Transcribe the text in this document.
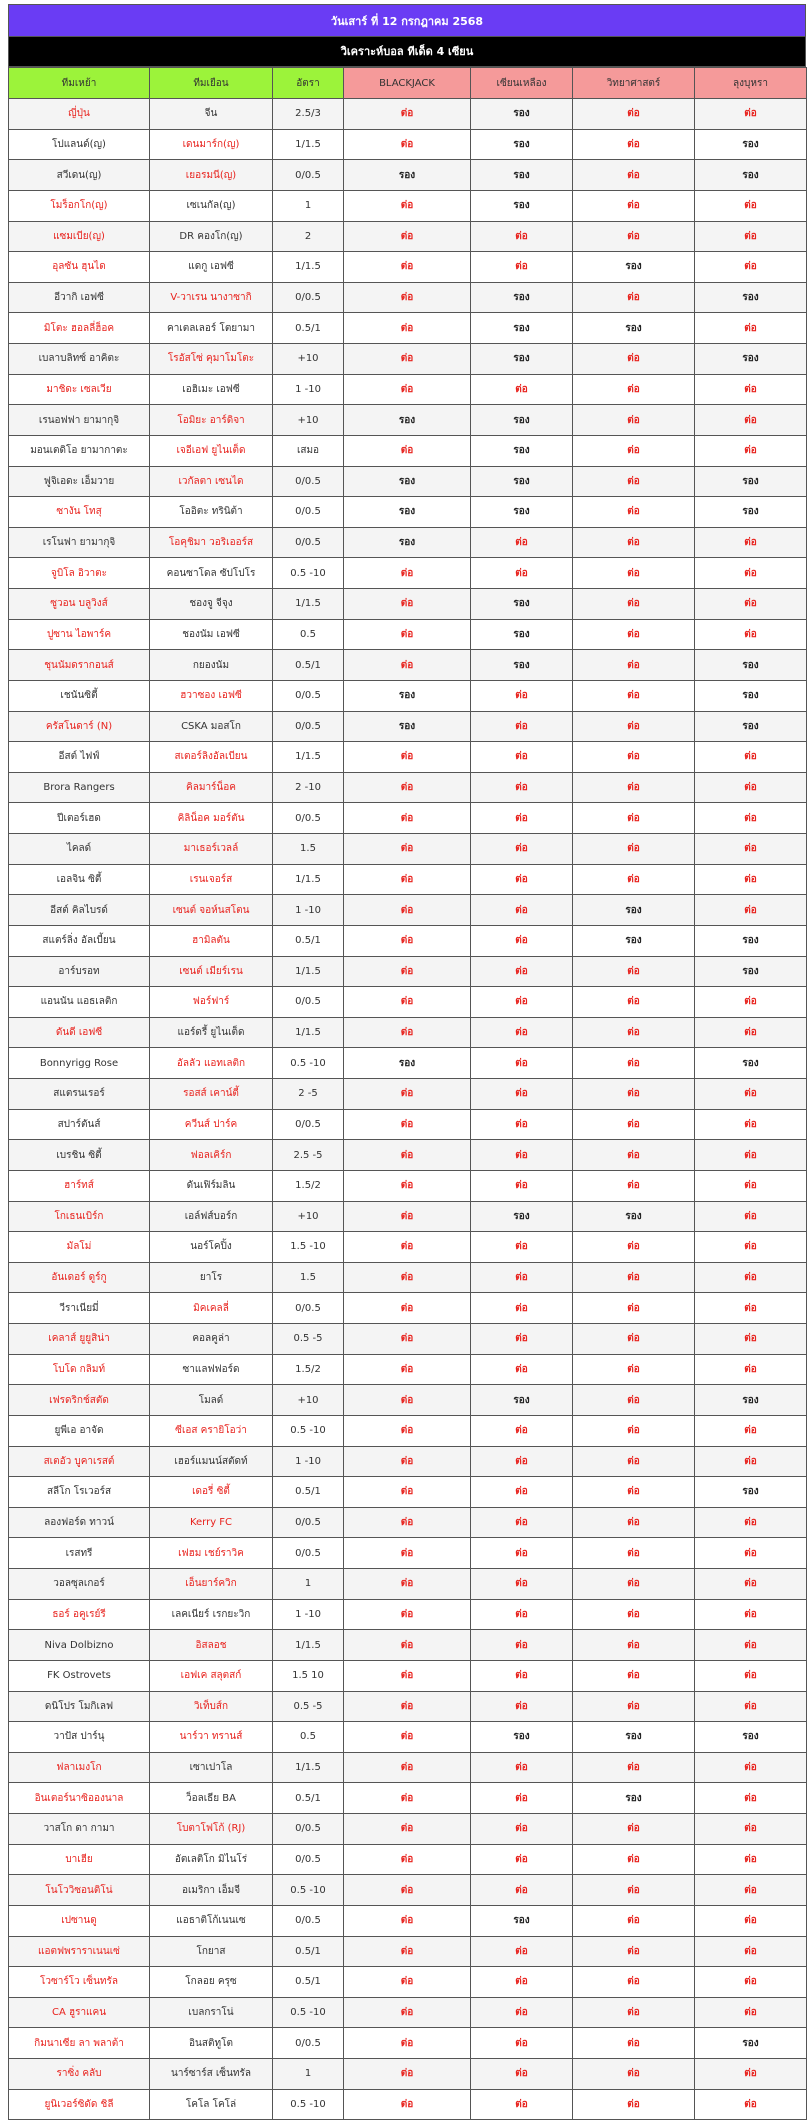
วันเสาร์ ที่ 12 กรกฎาคม 2568
วิเคราะห์บอล ทีเด็ด 4 เซียน
ทีมเหย้า	ทีมเยือน	อัตรา	BLACKJACK	เซียนเหลือง	วิทยาศาสตร์	ลุงบุหรา
ญี่ปุ่น	จีน	2.5/3	ต่อ	รอง	ต่อ	ต่อ
โปแลนด์(ญ)	เดนมาร์ก(ญ)	1/1.5	ต่อ	รอง	ต่อ	รอง
สวีเดน(ญ)	เยอรมนี(ญ)	0/0.5	รอง	รอง	ต่อ	รอง
โมร็อกโก(ญ)	เซเนกัล(ญ)	1	ต่อ	รอง	ต่อ	ต่อ
แซมเบีย(ญ)	DR คองโก(ญ)	2	ต่อ	ต่อ	ต่อ	ต่อ
อุลซัน ฮุนได	แดกู เอฟซี	1/1.5	ต่อ	ต่อ	รอง	ต่อ
อีวากิ เอฟซี	V-วาเรน นางาซากิ	0/0.5	ต่อ	รอง	ต่อ	รอง
มิโตะ ฮอลลี่ฮ็อค	คาเตลเลอร์ โตยามา	0.5/1	ต่อ	รอง	รอง	ต่อ
เบลาบลิทซ์ อาคิตะ	โรอัสโซ่ คุมาโมโตะ	+10	ต่อ	รอง	ต่อ	รอง
มาชิดะ เซลเวีย	เอฮิเมะ เอฟซี	1 -10	ต่อ	ต่อ	ต่อ	ต่อ
เรนอฟฟา ยามากุจิ	โอมิยะ อาร์ดิจา	+10	รอง	รอง	ต่อ	ต่อ
มอนเตดิโอ ยามากาตะ	เจอีเอฟ ยูไนเต็ด	เสมอ	ต่อ	รอง	ต่อ	ต่อ
ฟูจิเอดะ เอ็มวาย	เวกัลตา เซนได	0/0.5	รอง	รอง	ต่อ	รอง
ซางัน โทสุ	โออิตะ ทรินิต้า	0/0.5	รอง	รอง	ต่อ	รอง
เรโนฟา ยามากุจิ	โอคุชิมา วอริเออร์ส	0/0.5	รอง	ต่อ	ต่อ	ต่อ
จูบิโล อิวาตะ	คอนซาโดล ซัปโปโร	0.5 -10	ต่อ	ต่อ	ต่อ	ต่อ
ซูวอน บลูวิงส์	ชองจู จีจุง	1/1.5	ต่อ	รอง	ต่อ	ต่อ
ปูซาน ไอพาร์ค	ชองนัม เอฟซี	0.5	ต่อ	รอง	ต่อ	ต่อ
ชุนนัมดรากอนส์	กยองนัม	0.5/1	ต่อ	รอง	ต่อ	รอง
เชนันซิตี้	ฮวาซอง เอฟซี	0/0.5	รอง	ต่อ	ต่อ	รอง
ครัสโนดาร์ (N)	CSKA มอสโก	0/0.5	รอง	ต่อ	ต่อ	รอง
อีสต์ ไฟฟ์	สเตอร์ลิงอัลเบียน	1/1.5	ต่อ	ต่อ	ต่อ	ต่อ
Brora Rangers	คิลมาร์น็อค	2 -10	ต่อ	ต่อ	ต่อ	ต่อ
ปีเตอร์เฮด	คิลิน็อค มอร์ตัน	0/0.5	ต่อ	ต่อ	ต่อ	ต่อ
ไคลด์	มาเธอร์เวลล์	1.5	ต่อ	ต่อ	ต่อ	ต่อ
เอลจิน ซิตี้	เรนเจอร์ส	1/1.5	ต่อ	ต่อ	ต่อ	ต่อ
อีสต์ คิลไบรด์	เซนต์ จอห์นสโตน	1 -10	ต่อ	ต่อ	รอง	ต่อ
สแตร์ลิ่ง อัลเบี้ยน	ฮามิลตัน	0.5/1	ต่อ	ต่อ	รอง	รอง
อาร์บรอท	เซนต์ เมียร์เรน	1/1.5	ต่อ	ต่อ	ต่อ	รอง
แอนนัน แอธเลติก	ฟอร์ฟาร์	0/0.5	ต่อ	ต่อ	ต่อ	ต่อ
ดันดี เอฟซี	แอร์ดรี้ ยูไนเต็ด	1/1.5	ต่อ	ต่อ	ต่อ	ต่อ
Bonnyrigg Rose	อัลลัว แอทเลติก	0.5 -10	รอง	ต่อ	ต่อ	รอง
สแตรนเรอร์	รอสส์ เคาน์ตี้	2 -5	ต่อ	ต่อ	ต่อ	ต่อ
สปาร์ตันส์	ควีนส์ ปาร์ค	0/0.5	ต่อ	ต่อ	ต่อ	ต่อ
เบรชิน ซิตี้	ฟอลเคิร์ก	2.5 -5	ต่อ	ต่อ	ต่อ	ต่อ
ฮาร์ทส์	ดันเฟิร์มลิน	1.5/2	ต่อ	ต่อ	ต่อ	ต่อ
โกเธนเบิร์ก	เอล์ฟส์บอร์ก	+10	ต่อ	รอง	รอง	ต่อ
มัลโม่	นอร์โคปิ้ง	1.5 -10	ต่อ	ต่อ	ต่อ	ต่อ
อันเดอร์ ดูร์กู	ยาโร	1.5	ต่อ	ต่อ	ต่อ	ต่อ
วีราเนียมี่	มิคเคลลี่	0/0.5	ต่อ	ต่อ	ต่อ	ต่อ
เคลาส์ ยูยูสิน่า	คอลคูล่า	0.5 -5	ต่อ	ต่อ	ต่อ	ต่อ
โบโด กลิมท์	ซาแลฟฟอร์ด	1.5/2	ต่อ	ต่อ	ต่อ	ต่อ
เฟรดริกช์สตัด	โมลด์	+10	ต่อ	รอง	ต่อ	รอง
ยูพีเอ อาจัด	ซีเอส ครายิโอว่า	0.5 -10	ต่อ	ต่อ	ต่อ	ต่อ
สเตอัว บูคาเรสต์	เฮอร์แมนน์สตัดท์	1 -10	ต่อ	ต่อ	ต่อ	ต่อ
สลีโก โรเวอร์ส	เดอรี่ ซิตี้	0.5/1	ต่อ	ต่อ	ต่อ	รอง
ลองฟอร์ด ทาวน์	Kerry FC	0/0.5	ต่อ	ต่อ	ต่อ	ต่อ
เรสทรี	เฟฮม เชย์ราวิค	0/0.5	ต่อ	ต่อ	ต่อ	ต่อ
วอลซุลเกอร์	เอ็นยาร์ควิก	1	ต่อ	ต่อ	ต่อ	ต่อ
ธอร์ อคูเรย์รี	เลคเนียร์ เรกยะวิก	1 -10	ต่อ	ต่อ	ต่อ	ต่อ
Niva Dolbizno	อิสลอช	1/1.5	ต่อ	ต่อ	ต่อ	ต่อ
FK Ostrovets	เอฟเค สลุตสก์	1.5 10	ต่อ	ต่อ	ต่อ	ต่อ
ดนิโปร โมกิเลฟ	วิเท็บส์ก	0.5 -5	ต่อ	ต่อ	ต่อ	ต่อ
วาปัส ปาร์นุ	นาร์วา ทรานส์	0.5	ต่อ	รอง	รอง	รอง
ฟลาเมงโก	เซาเปาโล	1/1.5	ต่อ	ต่อ	ต่อ	ต่อ
อินเตอร์นาซิอองนาล	ว็อลเธีย BA	0.5/1	ต่อ	ต่อ	รอง	ต่อ
วาสโก ดา กามา	โบตาโฟโก้ (RJ)	0/0.5	ต่อ	ต่อ	ต่อ	ต่อ
บาเฮีย	อัตเลติโก มิไนโร่	0/0.5	ต่อ	ต่อ	ต่อ	ต่อ
โนโววิซอนติโน่	อเมริกา เอ็มจี	0.5 -10	ต่อ	ต่อ	ต่อ	ต่อ
เปซานดู	แอธาติโก้เนนเซ	0/0.5	ต่อ	รอง	ต่อ	ต่อ
แอตฟพราราเนนเซ่	โกยาส	0.5/1	ต่อ	ต่อ	ต่อ	ต่อ
โวซาร์โว เซ็นทรัล	โกลอย ครุซ	0.5/1	ต่อ	ต่อ	ต่อ	ต่อ
CA ฮูราแคน	เบลกราโน่	0.5 -10	ต่อ	ต่อ	ต่อ	ต่อ
กิมนาเซีย ลา พลาต้า	อินสติทูโต	0/0.5	ต่อ	ต่อ	ต่อ	รอง
ราซิ่ง คลับ	นาร์ซาร์ส เซ็นทรัล	1	ต่อ	ต่อ	ต่อ	ต่อ
ยูนิเวอร์ซิดัด ชิลี	โคโล โคโล่	0.5 -10	ต่อ	ต่อ	ต่อ	ต่อ
